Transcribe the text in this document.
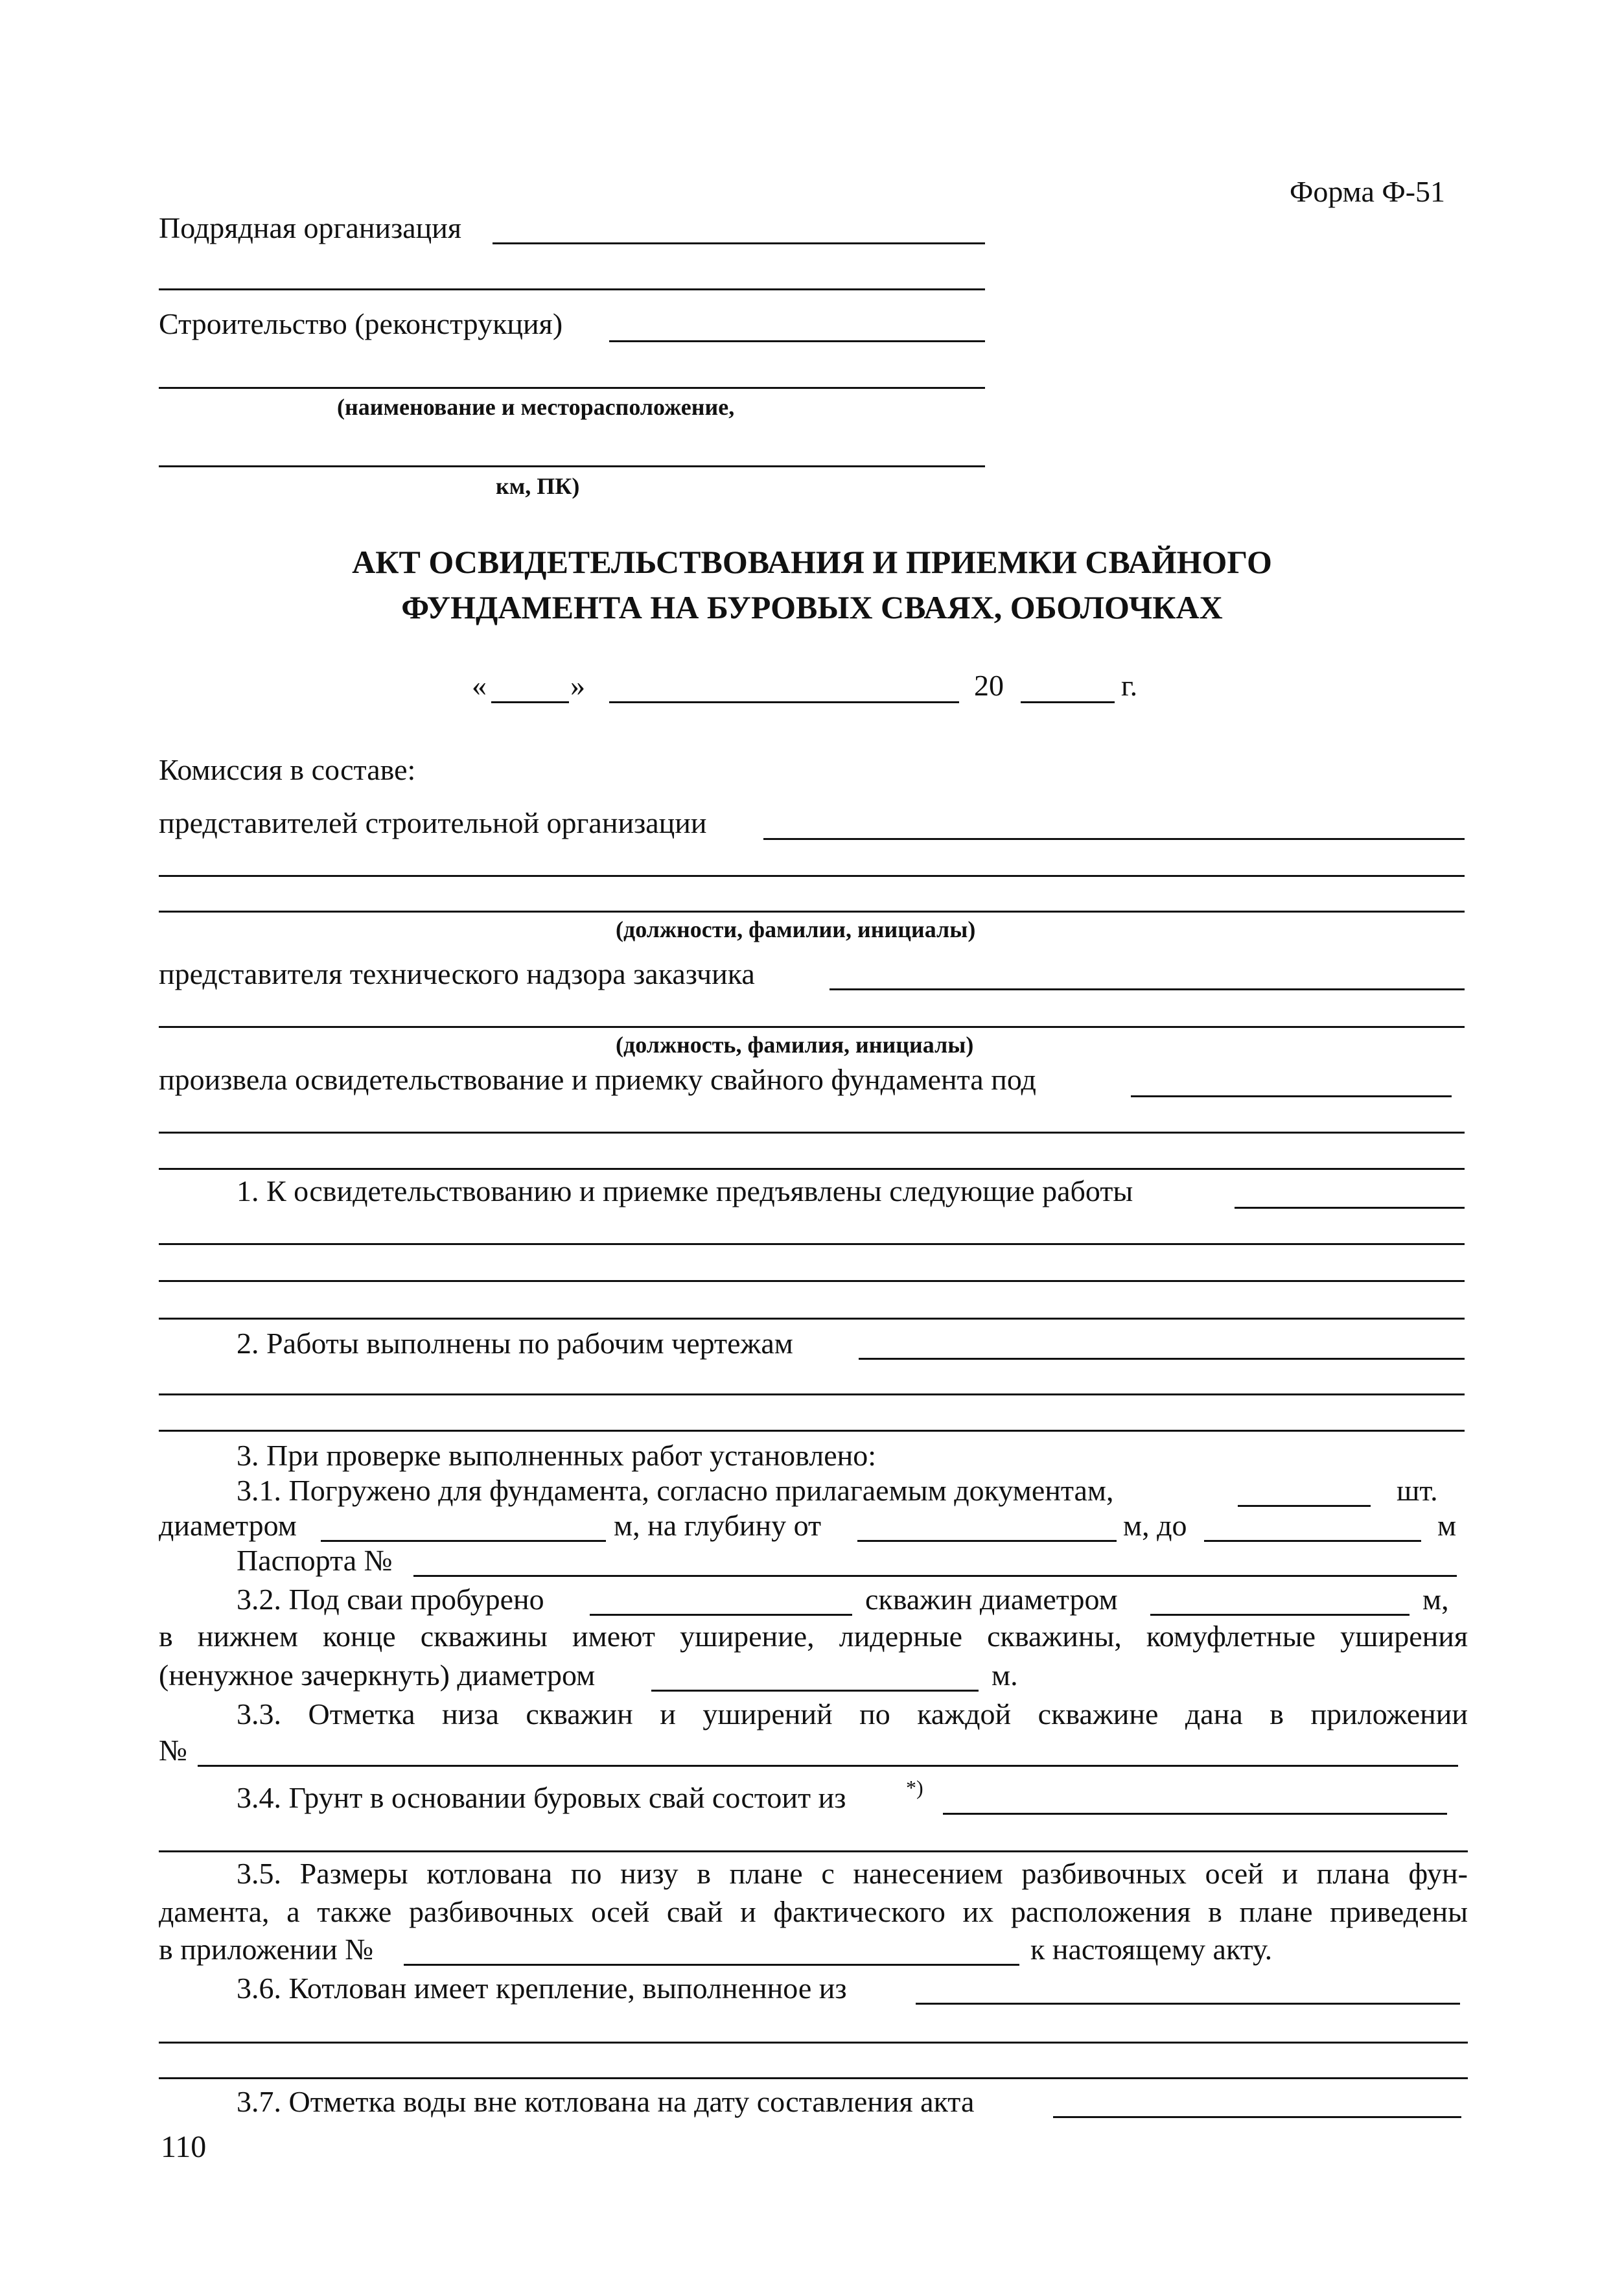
Форма Ф-51
Подрядная организация
Строительство (реконструкция)
(наименование и месторасположение,
км, ПК)
АКТ ОСВИДЕТЕЛЬСТВОВАНИЯ И ПРИЕМКИ СВАЙНОГО
ФУНДАМЕНТА НА БУРОВЫХ СВАЯХ, ОБОЛОЧКАХ
«	»	20	г.
Комиссия в составе:
представителей строительной организации
(должности, фамилии, инициалы)
представителя технического надзора заказчика
(должность, фамилия, инициалы)
произвела освидетельствование и приемку свайного фундамента под
1. К освидетельствованию и приемке предъявлены следующие работы
2. Работы выполнены по рабочим чертежам
3. При проверке выполненных работ установлено:
3.1. Погружено для фундамента, согласно прилагаемым документам,	шт.
диаметром	м, на глубину от	м, до	м
Паспорта №
3.2. Под сваи пробурено	скважин диаметром	м,
в нижнем конце скважины имеют уширение, лидерные скважины, комуфлетные уширения
(ненужное зачеркнуть) диаметром	м.
3.3. Отметка низа скважин и уширений по каждой скважине дана в приложении
№
3.4. Грунт в основании буровых свай состоит из	*)
3.5. Размеры котлована по низу в плане с нанесением разбивочных осей и плана фун-
дамента, а также разбивочных осей свай и фактического их расположения в плане приведены
в приложении №	к настоящему акту.
3.6. Котлован имеет крепление, выполненное из
3.7. Отметка воды вне котлована на дату составления акта
110
